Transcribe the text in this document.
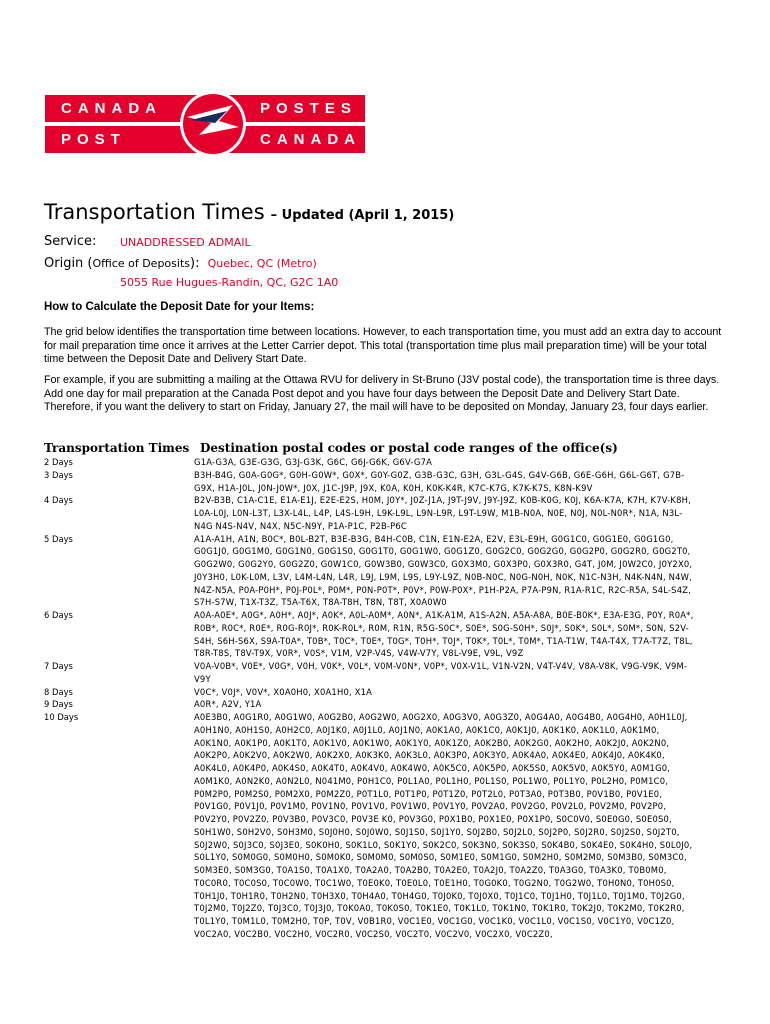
CANADA
POST
POSTES
CANADA
Transportation Times – Updated (April 1, 2015)
Service: UNADDRESSED ADMAIL
Origin (Office of Deposits): Quebec, QC (Metro)
5055 Rue Hugues-Randin, QC, G2C 1A0
How to Calculate the Deposit Date for your Items:
The grid below identifies the transportation time between locations. However, to each transportation time, you must add an extra day to account for mail preparation time once it arrives at the Letter Carrier depot. This total (transportation time plus mail preparation time) will be your total time between the Deposit Date and Delivery Start Date.
For example, if you are submitting a mailing at the Ottawa RVU for delivery in St-Bruno (J3V postal code), the transportation time is three days. Add one day for mail preparation at the Canada Post depot and you have four days between the Deposit Date and Delivery Start Date. Therefore, if you want the delivery to start on Friday, January 27, the mail will have to be deposited on Monday, January 23, four days earlier.
Transportation Times Destination postal codes or postal code ranges of the office(s)
2 Days	G1A-G3A, G3E-G3G, G3J-G3K, G6C, G6J-G6K, G6V-G7A
3 Days	B3H-B4G, G0A-G0G*, G0H-G0W*, G0X*, G0Y-G0Z, G3B-G3C, G3H, G3L-G4S, G4V-G6B, G6E-G6H, G6L-G6T, G7B-G9X, H1A-J0L, J0N-J0W*, J0X, J1C-J9P, J9X, K0A, K0H, K0K-K4R, K7C-K7G, K7K-K7S, K8N-K9V
4 Days	B2V-B3B, C1A-C1E, E1A-E1J, E2E-E2S, H0M, J0Y*, J0Z-J1A, J9T-J9V, J9Y-J9Z, K0B-K0G, K0J, K6A-K7A, K7H, K7V-K8H, L0A-L0J, L0N-L3T, L3X-L4L, L4P, L4S-L9H, L9K-L9L, L9N-L9R, L9T-L9W, M1B-N0A, N0E, N0J, N0L-N0R*, N1A, N3L-N4G N4S-N4V, N4X, N5C-N9Y, P1A-P1C, P2B-P6C
5 Days	A1A-A1H, A1N, B0C*, B0L-B2T, B3E-B3G, B4H-C0B, C1N, E1N-E2A, E2V, E3L-E9H, G0G1C0, G0G1E0, G0G1G0, G0G1J0, G0G1M0, G0G1N0, G0G1S0, G0G1T0, G0G1W0, G0G1Z0, G0G2C0, G0G2G0, G0G2P0, G0G2R0, G0G2T0, G0G2W0, G0G2Y0, G0G2Z0, G0W1C0, G0W3B0, G0W3C0, G0X3M0, G0X3P0, G0X3R0, G4T, J0M, J0W2C0, J0Y2X0, J0Y3H0, L0K-L0M, L3V, L4M-L4N, L4R, L9J, L9M, L9S, L9Y-L9Z, N0B-N0C, N0G-N0H, N0K, N1C-N3H, N4K-N4N, N4W, N4Z-N5A, P0A-P0H*, P0J-P0L*, P0M*, P0N-P0T*, P0V*, P0W-P0X*, P1H-P2A, P7A-P9N, R1A-R1C, R2C-R5A, S4L-S4Z, S7H-S7W, T1X-T3Z, T5A-T6X, T8A-T8H, T8N, T8T, X0A0W0
6 Days	A0A-A0E*, A0G*, A0H*, A0J*, A0K*, A0L-A0M*, A0N*, A1K-A1M, A1S-A2N, A5A-A8A, B0E-B0K*, E3A-E3G, P0Y, R0A*, R0B*, R0C*, R0E*, R0G-R0J*, R0K-R0L*, R0M, R1N, R5G-S0C*, S0E*, S0G-S0H*, S0J*, S0K*, S0L*, S0M*, S0N, S2V-S4H, S6H-S6X, S9A-T0A*, T0B*, T0C*, T0E*, T0G*, T0H*, T0J*, T0K*, T0L*, T0M*, T1A-T1W, T4A-T4X, T7A-T7Z, T8L, T8R-T8S, T8V-T9X, V0R*, V0S*, V1M, V2P-V4S, V4W-V7Y, V8L-V9E, V9L, V9Z
7 Days	V0A-V0B*, V0E*, V0G*, V0H, V0K*, V0L*, V0M-V0N*, V0P*, V0X-V1L, V1N-V2N, V4T-V4V, V8A-V8K, V9G-V9K, V9M-V9Y
8 Days	V0C*, V0J*, V0V*, X0A0H0, X0A1H0, X1A
9 Days	A0R*, A2V, Y1A
10 Days	A0E3B0, A0G1R0, A0G1W0, A0G2B0, A0G2W0, A0G2X0, A0G3V0, A0G3Z0, A0G4A0, A0G4B0, A0G4H0, A0H1L0J, A0H1N0, A0H1S0, A0H2C0, A0J1K0, A0J1L0, A0J1N0, A0K1A0, A0K1C0, A0K1J0, A0K1K0, A0K1L0, A0K1M0, A0K1N0, A0K1P0, A0K1T0, A0K1V0, A0K1W0, A0K1Y0, A0K1Z0, A0K2B0, A0K2G0, A0K2H0, A0K2J0, A0K2N0, A0K2P0, A0K2V0, A0K2W0, A0K2X0, A0K3K0, A0K3L0, A0K3P0, A0K3Y0, A0K4A0, A0K4E0, A0K4J0, A0K4K0, A0K4L0, A0K4P0, A0K4S0, A0K4T0, A0K4V0, A0K4W0, A0K5C0, A0K5P0, A0K5S0, A0K5V0, A0K5Y0, A0M1G0, A0M1K0, A0N2K0, A0N2L0, N041M0, P0H1C0, P0L1A0, P0L1H0, P0L1S0, P0L1W0, P0L1Y0, P0L2H0, P0M1C0, P0M2P0, P0M2S0, P0M2X0, P0M2Z0, P0T1L0, P0T1P0, P0T1Z0, P0T2L0, P0T3A0, P0T3B0, P0V1B0, P0V1E0, P0V1G0, P0V1J0, P0V1M0, P0V1N0, P0V1V0, P0V1W0, P0V1Y0, P0V2A0, P0V2G0, P0V2L0, P0V2M0, P0V2P0, P0V2Y0, P0V2Z0, P0V3B0, P0V3C0, P0V3E K0, P0V3G0, P0X1B0, P0X1E0, P0X1P0, S0C0V0, S0E0G0, S0E0S0, S0H1W0, S0H2V0, S0H3M0, S0J0H0, S0J0W0, S0J1S0, S0J1Y0, S0J2B0, S0J2L0, S0J2P0, S0J2R0, S0J2S0, S0J2T0, S0J2W0, S0J3C0, S0J3E0, S0K0H0, S0K1L0, S0K1Y0, S0K2C0, S0K3N0, S0K3S0, S0K4B0, S0K4E0, S0K4H0, S0L0J0, S0L1Y0, S0M0G0, S0M0H0, S0M0K0, S0M0M0, S0M0S0, S0M1E0, S0M1G0, S0M2H0, S0M2M0, S0M3B0, S0M3C0, S0M3E0, S0M3G0, T0A1S0, T0A1X0, T0A2A0, T0A2B0, T0A2E0, T0A2J0, T0A2Z0, T0A3G0, T0A3K0, T0B0M0, T0C0R0, T0C0S0, T0C0W0, T0C1W0, T0E0K0, T0E0L0, T0E1H0, T0G0K0, T0G2N0, T0G2W0, T0H0N0, T0H0S0, T0H1J0, T0H1R0, T0H2N0, T0H3X0, T0H4A0, T0H4G0, T0J0K0, T0J0X0, T0J1C0, T0J1H0, T0J1L0, T0J1M0, T0J2G0, T0J2M0, T0J2Z0, T0J3C0, T0J3J0, T0K0A0, T0K0S0, T0K1E0, T0K1L0, T0K1N0, T0K1R0, T0K2J0, T0K2M0, T0K2R0, T0L1Y0, T0M1L0, T0M2H0, T0P, T0V, V0B1R0, V0C1E0, V0C1G0, V0C1K0, V0C1L0, V0C1S0, V0C1Y0, V0C1Z0, V0C2A0, V0C2B0, V0C2H0, V0C2R0, V0C2S0, V0C2T0, V0C2V0, V0C2X0, V0C2Z0,
